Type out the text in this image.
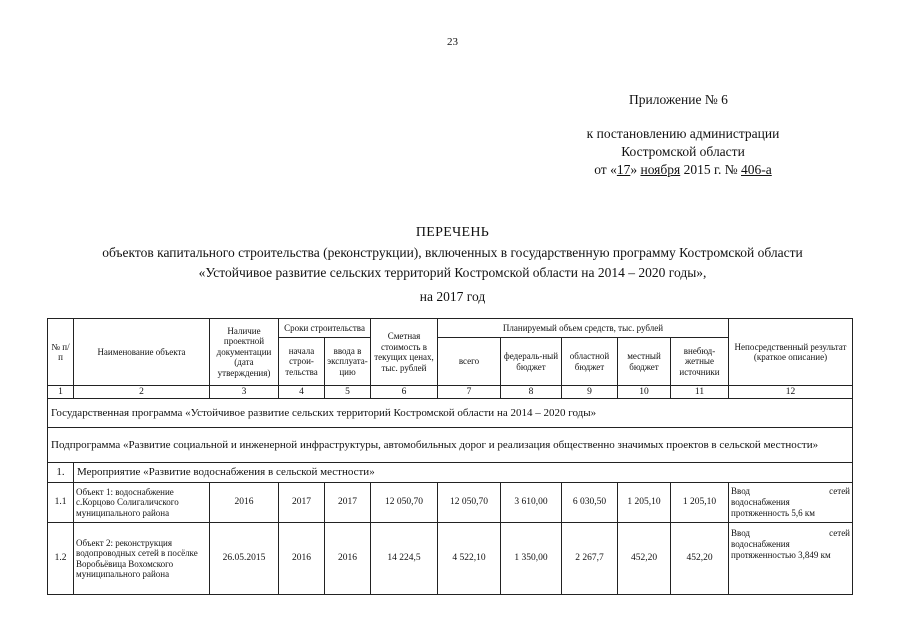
23
Приложение № 6
к постановлению администрации
Костромской области
от «17» ноября 2015 г. № 406-а
ПЕРЕЧЕНЬ
объектов капитального строительства (реконструкции), включенных в государственную программу Костромской области
«Устойчивое развитие сельских территорий Костромской области на 2014 – 2020 годы»,
на 2017 год
№ п/п	Наименование объекта	Наличие проектной документации (дата утверждения)	Сроки строительства		Сметная стоимость в текущих ценах, тыс. рублей	Планируемый объем средств, тыс. рублей					Непосредственный результат (краткое описание)
			начала строи-тельства	ввода в эксплуата-цию		всего	федераль-ный бюджет	областной бюджет	местный бюджет	внебюд-жетные источники	
1	2	3	4	5	6	7	8	9	10	11	12
Государственная программа «Устойчивое развитие сельских территорий Костромской области на 2014 – 2020 годы»											
Подпрограмма «Развитие социальной и инженерной инфраструктуры, автомобильных дорог и реализация общественно значимых проектов в сельской местности»											
1.	Мероприятие «Развитие водоснабжения в сельской местности»										
1.1	Объект 1: водоснабжение с.Корцово Солигаличского муниципального района	2016	2017	2017	12 050,70	12 050,70	3 610,00	6 030,50	1 205,10	1 205,10	Ввод сетей
водоснабжения протяженность 5,6 км

1.2	Объект 2: реконструкция водопроводных сетей в посёлке Воробьёвица Вохомского муниципального района	26.05.2015	2016	2016	14 224,5	4 522,10	1 350,00	2 267,7	452,20	452,20	Ввод сетей
водоснабжения протяженностью 3,849 км
